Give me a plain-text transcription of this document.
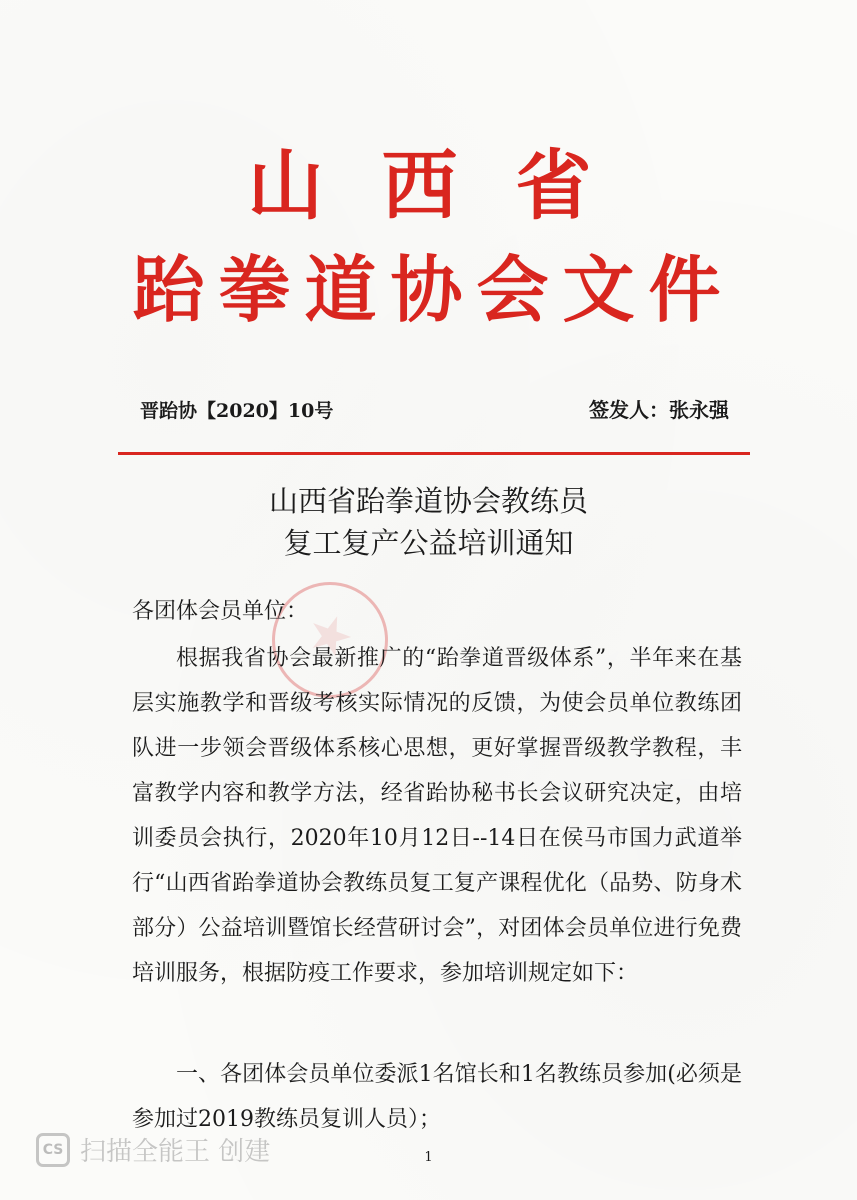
山西省
跆拳道协会文件
晋跆协【2020】10号	签发人：张永强
山西省跆拳道协会教练员
复工复产公益培训通知
各团体会员单位：

根据我省协会最新推广的“跆拳道晋级体系”，半年来在基层实施教学和晋级考核实际情况的反馈，为使会员单位教练团队进一步领会晋级体系核心思想，更好掌握晋级教学教程，丰富教学内容和教学方法，经省跆协秘书长会议研究决定，由培训委员会执行，2020年10月12日--14日在侯马市国力武道举行“山西省跆拳道协会教练员复工复产课程优化（品势、防身术部分）公益培训暨馆长经营研讨会”，对团体会员单位进行免费培训服务，根据防疫工作要求，参加培训规定如下：

一、各团体会员单位委派1名馆长和1名教练员参加(必须是参加过2019教练员复训人员）；

1
CS 扫描全能王 创建
